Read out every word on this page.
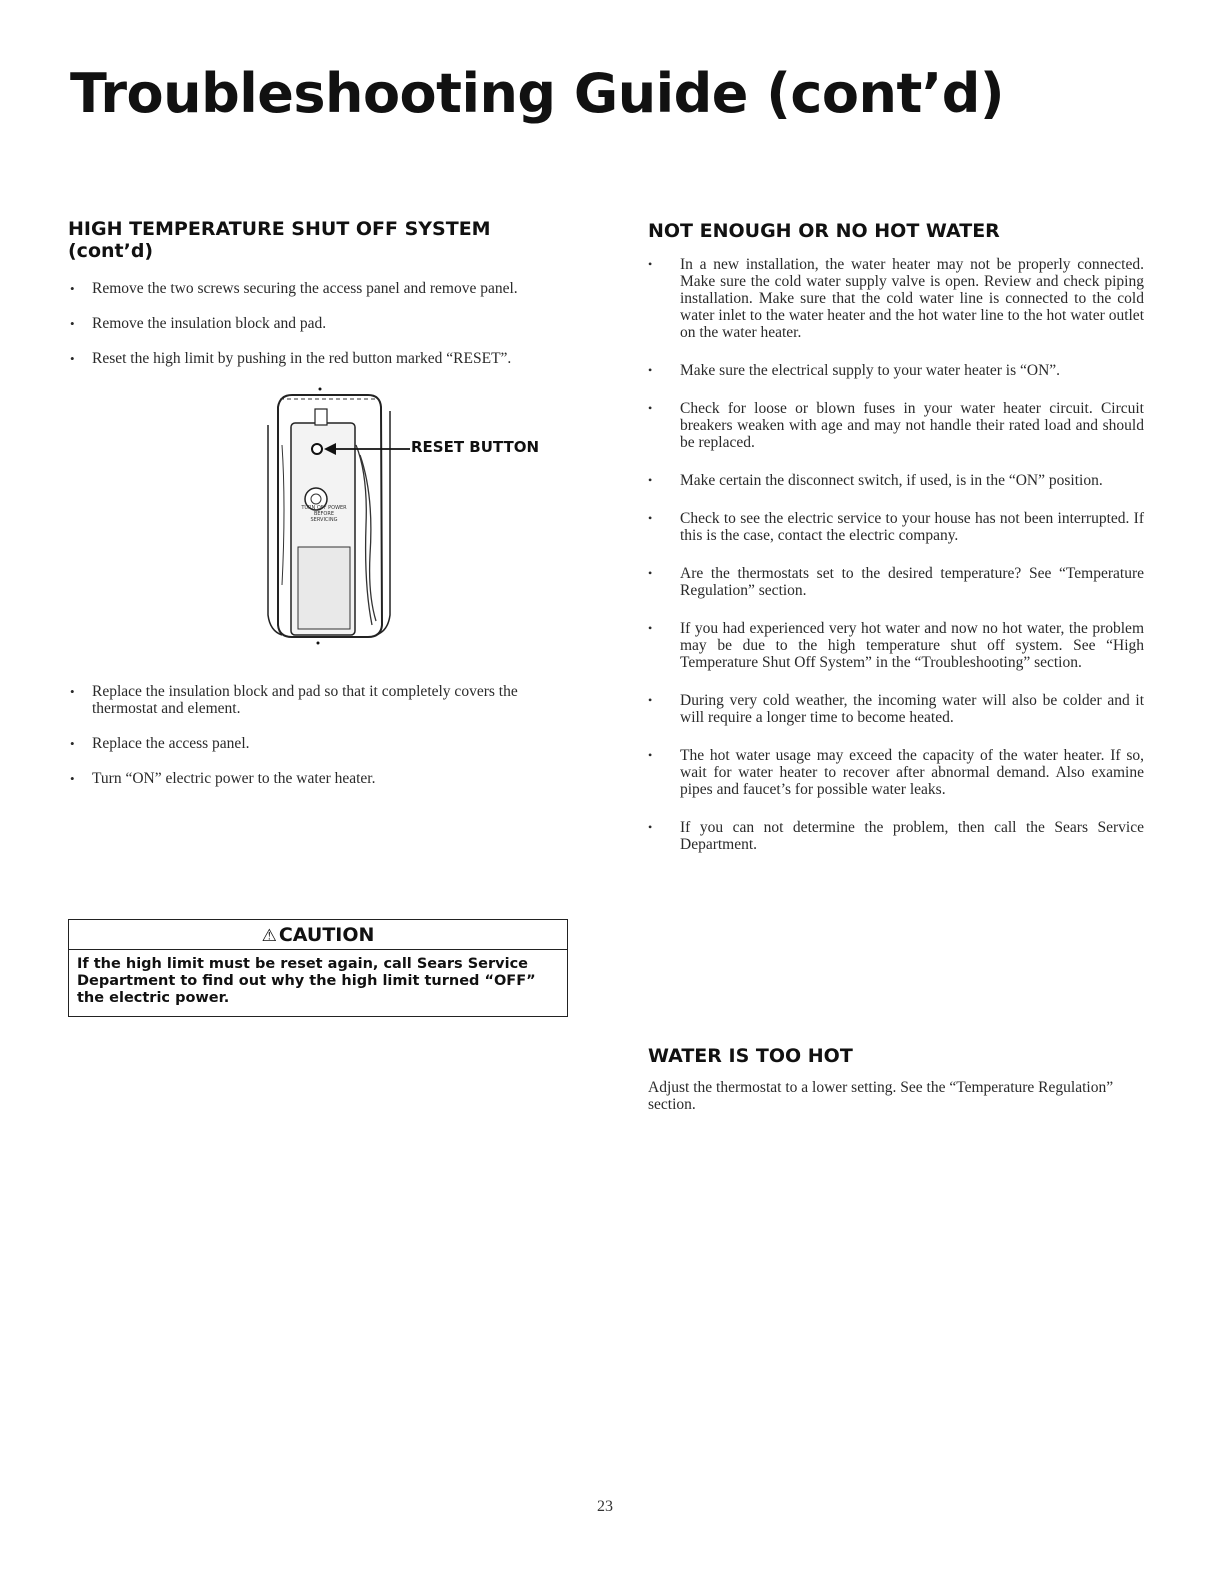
Troubleshooting Guide (cont’d)
HIGH TEMPERATURE SHUT OFF SYSTEM
(cont’d)
• Remove the two screws securing the access panel and remove panel.
• Remove the insulation block and pad.
• Reset the high limit by pushing in the red button marked “RESET”.
TURN OFF POWER BEFORE SERVICING
RESET BUTTON
• Replace the insulation block and pad so that it completely covers the thermostat and element.
• Replace the access panel.
• Turn “ON” electric power to the water heater.
⚠ CAUTION
If the high limit must be reset again, call Sears Service Department to find out why the high limit turned “OFF” the electric power.
NOT ENOUGH OR NO HOT WATER
• In a new installation, the water heater may not be properly connected. Make sure the cold water supply valve is open. Review and check piping installation. Make sure that the cold water line is connected to the cold water inlet to the water heater and the hot water line to the hot water outlet on the water heater.
• Make sure the electrical supply to your water heater is “ON”.
• Check for loose or blown fuses in your water heater circuit. Circuit breakers weaken with age and may not handle their rated load and should be replaced.
• Make certain the disconnect switch, if used, is in the “ON” position.
• Check to see the electric service to your house has not been interrupted. If this is the case, contact the electric company.
• Are the thermostats set to the desired temperature? See “Temperature Regulation” section.
• If you had experienced very hot water and now no hot water, the problem may be due to the high temperature shut off system. See “High Temperature Shut Off System” in the “Troubleshooting” section.
• During very cold weather, the incoming water will also be colder and it will require a longer time to become heated.
• The hot water usage may exceed the capacity of the water heater. If so, wait for water heater to recover after abnormal demand. Also examine pipes and faucet’s for possible water leaks.
• If you can not determine the problem, then call the Sears Service Department.
WATER IS TOO HOT

Adjust the thermostat to a lower setting. See the “Temperature Regulation” section.

23
